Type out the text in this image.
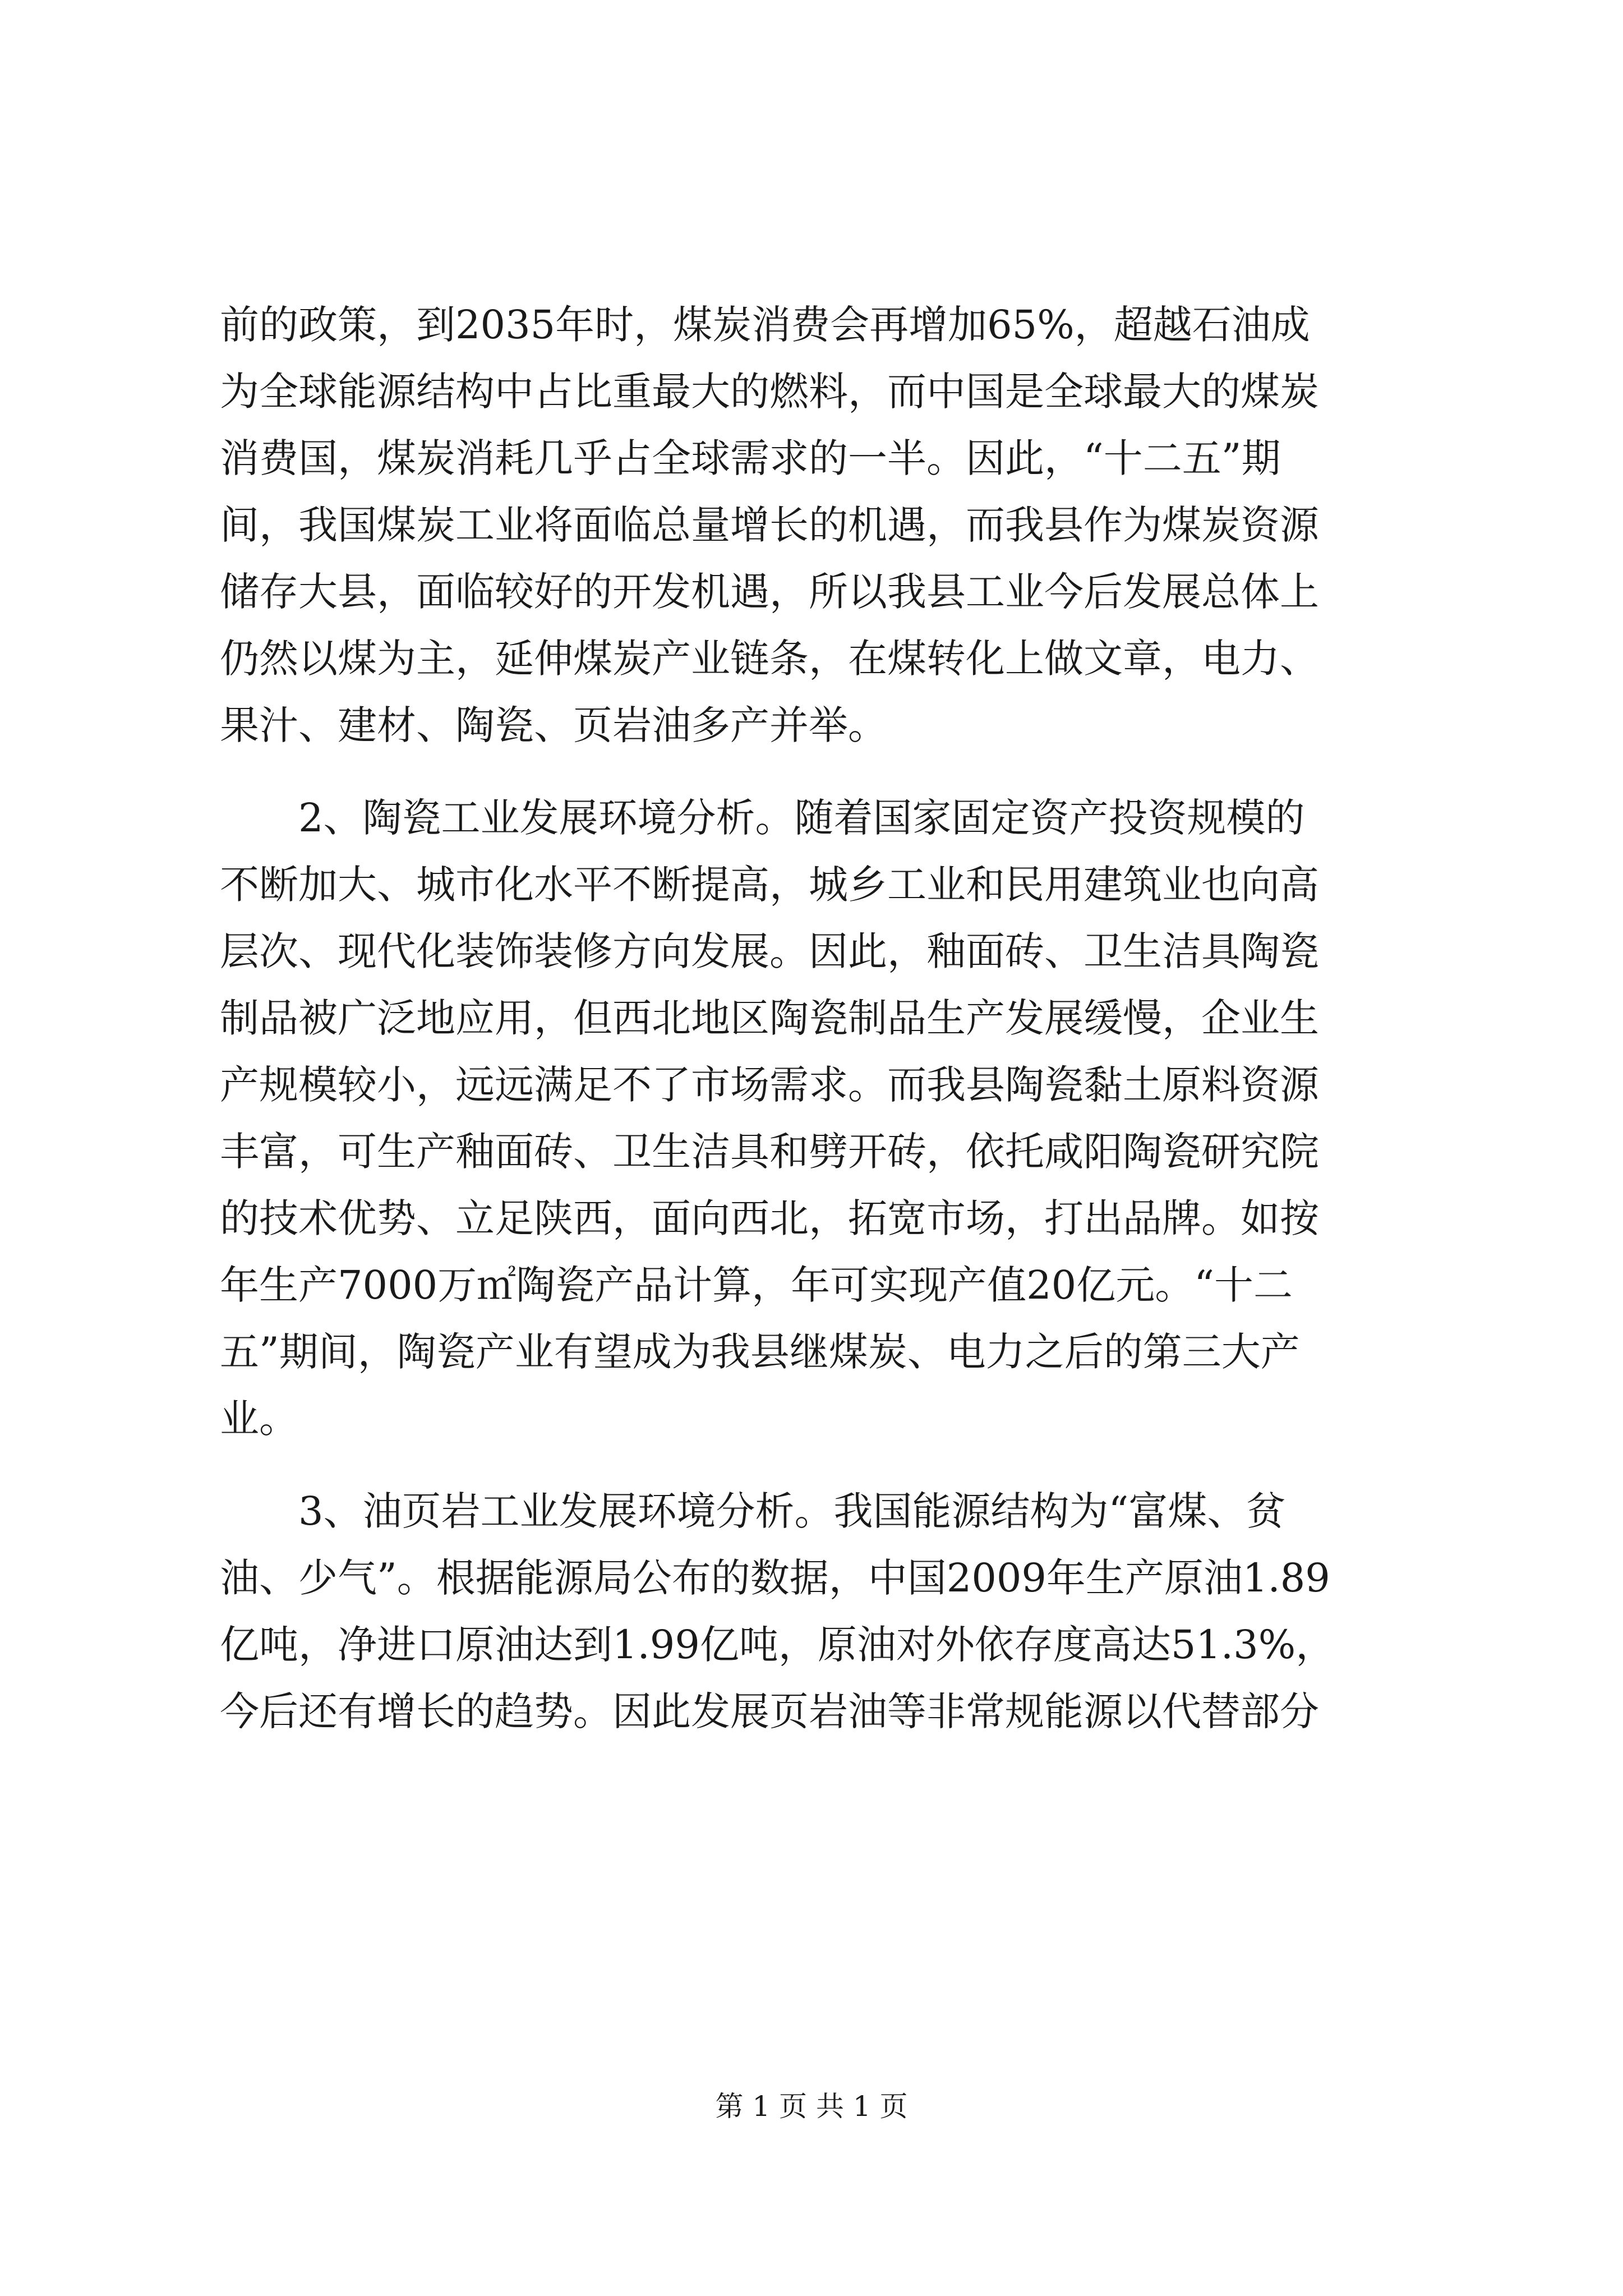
前的政策，到2035年时，煤炭消费会再增加65%，超越石油成
为全球能源结构中占比重最大的燃料，而中国是全球最大的煤炭
消费国，煤炭消耗几乎占全球需求的一半。因此，“十二五”期
间，我国煤炭工业将面临总量增长的机遇，而我县作为煤炭资源
储存大县，面临较好的开发机遇，所以我县工业今后发展总体上
仍然以煤为主，延伸煤炭产业链条，在煤转化上做文章，电力、
果汁、建材、陶瓷、页岩油多产并举。
2、陶瓷工业发展环境分析。随着国家固定资产投资规模的
不断加大、城市化水平不断提高，城乡工业和民用建筑业也向高
层次、现代化装饰装修方向发展。因此，釉面砖、卫生洁具陶瓷
制品被广泛地应用，但西北地区陶瓷制品生产发展缓慢，企业生
产规模较小，远远满足不了市场需求。而我县陶瓷黏土原料资源
丰富，可生产釉面砖、卫生洁具和劈开砖，依托咸阳陶瓷研究院
的技术优势、立足陕西，面向西北，拓宽市场，打出品牌。如按
年生产7000万㎡陶瓷产品计算，年可实现产值20亿元。“十二
五”期间，陶瓷产业有望成为我县继煤炭、电力之后的第三大产
业。
3、油页岩工业发展环境分析。我国能源结构为“富煤、贫
油、少气”。根据能源局公布的数据，中国2009年生产原油1.89
亿吨，净进口原油达到1.99亿吨，原油对外依存度高达51.3%，
今后还有增长的趋势。因此发展页岩油等非常规能源以代替部分
第 1 页 共 1 页
